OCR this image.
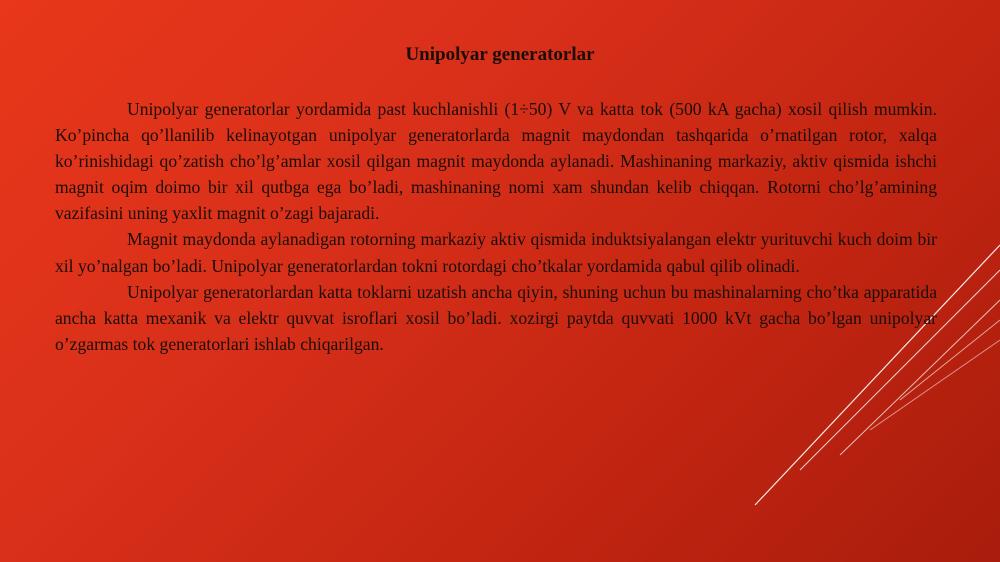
Unipolyar generatorlar

Unipolyar generatorlar yordamida past kuchlanishli (1÷50) V va katta tok (500 kA gacha) xosil qilish mumkin. Ko’pincha qo’llanilib kelinayotgan unipolyar generatorlarda magnit maydondan tashqarida o’rnatilgan rotor, xalqa ko’rinishidagi qo’zatish cho’lg’amlar xosil qilgan magnit maydonda aylanadi. Mashinaning markaziy, aktiv qismida ishchi magnit oqim doimo bir xil qutbga ega bo’ladi, mashinaning nomi xam shundan kelib chiqqan. Rotorni cho’lg’amining vazifasini uning yaxlit magnit o’zagi bajaradi.

Magnit maydonda aylanadigan rotorning markaziy aktiv qismida induktsiyalangan elektr yurituvchi kuch doim bir xil yo’nalgan bo’ladi. Unipolyar generatorlardan tokni rotordagi cho’tkalar yordamida qabul qilib olinadi.

Unipolyar generatorlardan katta toklarni uzatish ancha qiyin, shuning uchun bu mashinalarning cho’tka apparatida ancha katta mexanik va elektr quvvat isroflari xosil bo’ladi. xozirgi paytda quvvati 1000 kVt gacha bo’lgan unipolyar o’zgarmas tok generatorlari ishlab chiqarilgan.
